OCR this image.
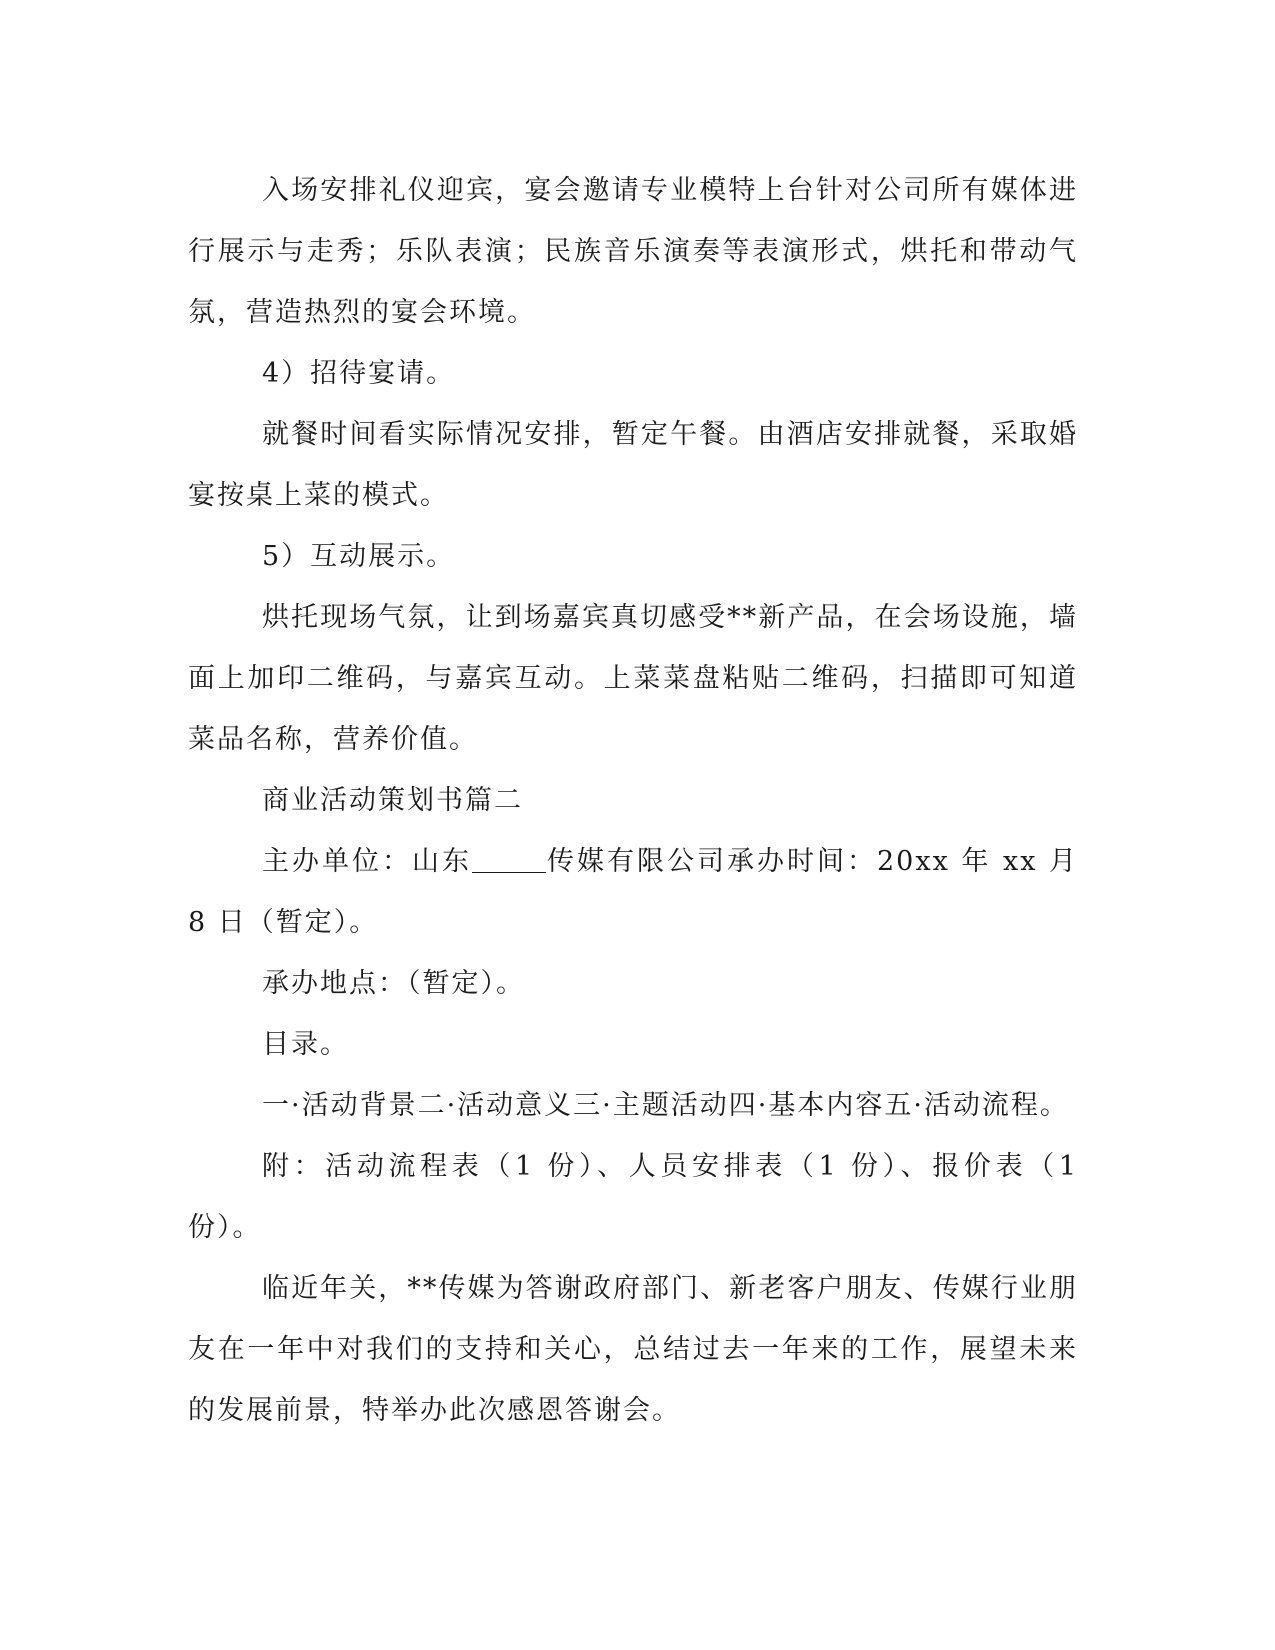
入场安排礼仪迎宾，宴会邀请专业模特上台针对公司所有媒体进行展示与走秀；乐队表演；民族音乐演奏等表演形式，烘托和带动气氛，营造热烈的宴会环境。

4）招待宴请。

就餐时间看实际情况安排，暂定午餐。由酒店安排就餐，采取婚宴按桌上菜的模式。

5）互动展示。

烘托现场气氛，让到场嘉宾真切感受**新产品，在会场设施，墙面上加印二维码，与嘉宾互动。上菜菜盘粘贴二维码，扫描即可知道菜品名称，营养价值。

商业活动策划书篇二

主办单位：山东	传媒有限公司承办时间：20xx 年 xx 月 8 日（暂定）。

承办地点：（暂定）。

目录。

一·活动背景二·活动意义三·主题活动四·基本内容五·活动流程。

附：活动流程表（1 份）、人员安排表（1 份）、报价表（1 份）。

临近年关，**传媒为答谢政府部门、新老客户朋友、传媒行业朋友在一年中对我们的支持和关心，总结过去一年来的工作，展望未来的发展前景，特举办此次感恩答谢会。
